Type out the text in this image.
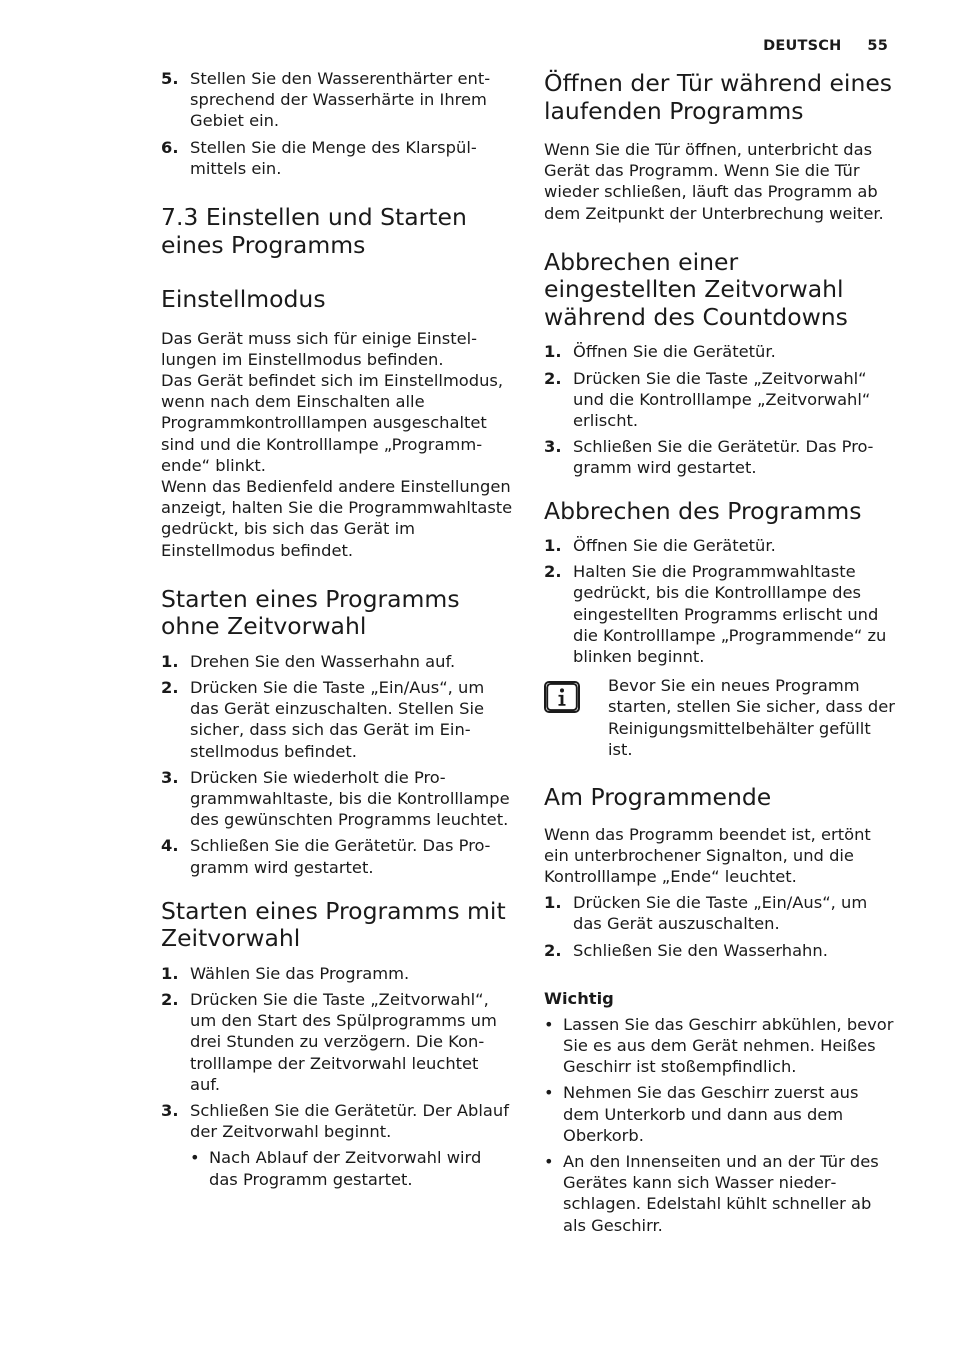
DEUTSCH 55
5. Stellen Sie den Wasserenthärter entsprechend der Wasserhärte in Ihrem Gebiet ein.
6. Stellen Sie die Menge des Klarspülmittels ein.
7.3 Einstellen und Starten eines Programms
Einstellmodus

Das Gerät muss sich für einige Einstellungen im Einstellmodus befinden.
Das Gerät befindet sich im Einstellmodus, wenn nach dem Einschalten alle Programmkontrolllampen ausgeschaltet sind und die Kontrolllampe „Programmende“ blinkt.
Wenn das Bedienfeld andere Einstellungen anzeigt, halten Sie die Programmwahltaste gedrückt, bis sich das Gerät im Einstellmodus befindet.

Starten eines Programms ohne Zeitvorwahl
1. Drehen Sie den Wasserhahn auf.
2. Drücken Sie die Taste „Ein/Aus“, um das Gerät einzuschalten. Stellen Sie sicher, dass sich das Gerät im Einstellmodus befindet.
3. Drücken Sie wiederholt die Programmwahltaste, bis die Kontrolllampe des gewünschten Programms leuchtet.
4. Schließen Sie die Gerätetür. Das Programm wird gestartet.
Starten eines Programms mit Zeitvorwahl
1. Wählen Sie das Programm.
2. Drücken Sie die Taste „Zeitvorwahl“, um den Start des Spülprogramms um drei Stunden zu verzögern. Die Kontrolllampe der Zeitvorwahl leuchtet auf.
3. Schließen Sie die Gerätetür. Der Ablauf der Zeitvorwahl beginnt.
• Nach Ablauf der Zeitvorwahl wird das Programm gestartet.
Öffnen der Tür während eines laufenden Programms

Wenn Sie die Tür öffnen, unterbricht das Gerät das Programm. Wenn Sie die Tür wieder schließen, läuft das Programm ab dem Zeitpunkt der Unterbrechung weiter.

Abbrechen einer eingestellten Zeitvorwahl während des Countdowns
1. Öffnen Sie die Gerätetür.
2. Drücken Sie die Taste „Zeitvorwahl“ und die Kontrolllampe „Zeitvorwahl“ erlischt.
3. Schließen Sie die Gerätetür. Das Programm wird gestartet.
Abbrechen des Programms
1. Öffnen Sie die Gerätetür.
2. Halten Sie die Programmwahltaste gedrückt, bis die Kontrolllampe des eingestellten Programms erlischt und die Kontrolllampe „Programmende“ zu blinken beginnt.

Bevor Sie ein neues Programm starten, stellen Sie sicher, dass der Reinigungsmittelbehälter gefüllt ist.

Am Programmende

Wenn das Programm beendet ist, ertönt ein unterbrochener Signalton, und die Kontrolllampe „Ende“ leuchtet.

1. Drücken Sie die Taste „Ein/Aus“, um das Gerät auszuschalten.
2. Schließen Sie den Wasserhahn.
Wichtig
• Lassen Sie das Geschirr abkühlen, bevor Sie es aus dem Gerät nehmen. Heißes Geschirr ist stoßempfindlich.
• Nehmen Sie das Geschirr zuerst aus dem Unterkorb und dann aus dem Oberkorb.
• An den Innenseiten und an der Tür des Gerätes kann sich Wasser niederschlagen. Edelstahl kühlt schneller ab als Geschirr.
